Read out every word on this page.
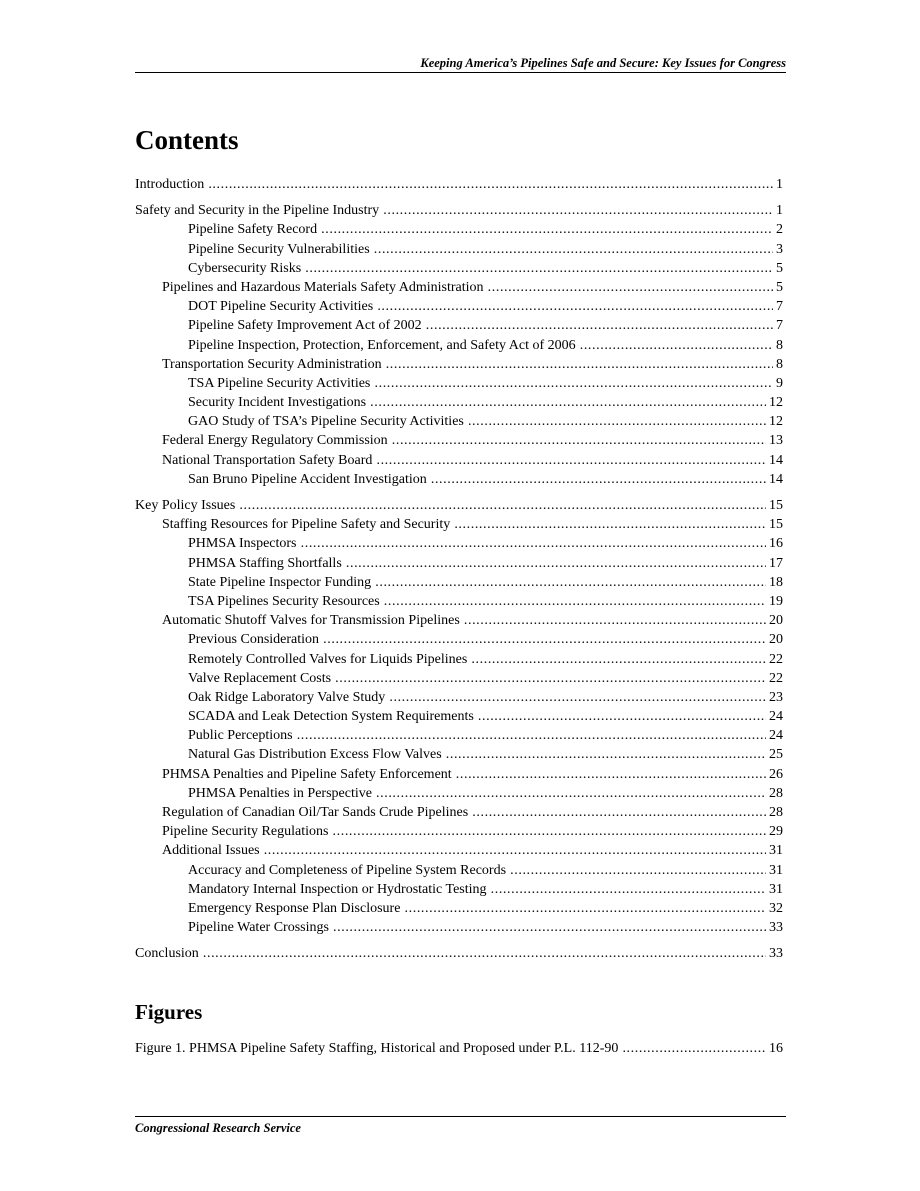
Keeping America’s Pipelines Safe and Secure: Key Issues for Congress
Contents
Introduction .....	1
Safety and Security in the Pipeline Industry .....	1
Pipeline Safety Record .....	2
Pipeline Security Vulnerabilities .....	3
Cybersecurity Risks .....	5
Pipelines and Hazardous Materials Safety Administration .....	5
DOT Pipeline Security Activities .....	7
Pipeline Safety Improvement Act of 2002 .....	7
Pipeline Inspection, Protection, Enforcement, and Safety Act of 2006 .....	8
Transportation Security Administration .....	8
TSA Pipeline Security Activities .....	9
Security Incident Investigations .....	12
GAO Study of TSA’s Pipeline Security Activities .....	12
Federal Energy Regulatory Commission .....	13
National Transportation Safety Board .....	14
San Bruno Pipeline Accident Investigation .....	14
Key Policy Issues .....	15
Staffing Resources for Pipeline Safety and Security .....	15
PHMSA Inspectors .....	16
PHMSA Staffing Shortfalls .....	17
State Pipeline Inspector Funding .....	18
TSA Pipelines Security Resources .....	19
Automatic Shutoff Valves for Transmission Pipelines .....	20
Previous Consideration .....	20
Remotely Controlled Valves for Liquids Pipelines .....	22
Valve Replacement Costs .....	22
Oak Ridge Laboratory Valve Study .....	23
SCADA and Leak Detection System Requirements .....	24
Public Perceptions .....	24
Natural Gas Distribution Excess Flow Valves .....	25
PHMSA Penalties and Pipeline Safety Enforcement .....	26
PHMSA Penalties in Perspective .....	28
Regulation of Canadian Oil/Tar Sands Crude Pipelines .....	28
Pipeline Security Regulations .....	29
Additional Issues .....	31
Accuracy and Completeness of Pipeline System Records .....	31
Mandatory Internal Inspection or Hydrostatic Testing .....	31
Emergency Response Plan Disclosure .....	32
Pipeline Water Crossings .....	33
Conclusion .....	33
Figures
Figure 1. PHMSA Pipeline Safety Staffing, Historical and Proposed under P.L. 112-90 .....	16
Congressional Research Service
